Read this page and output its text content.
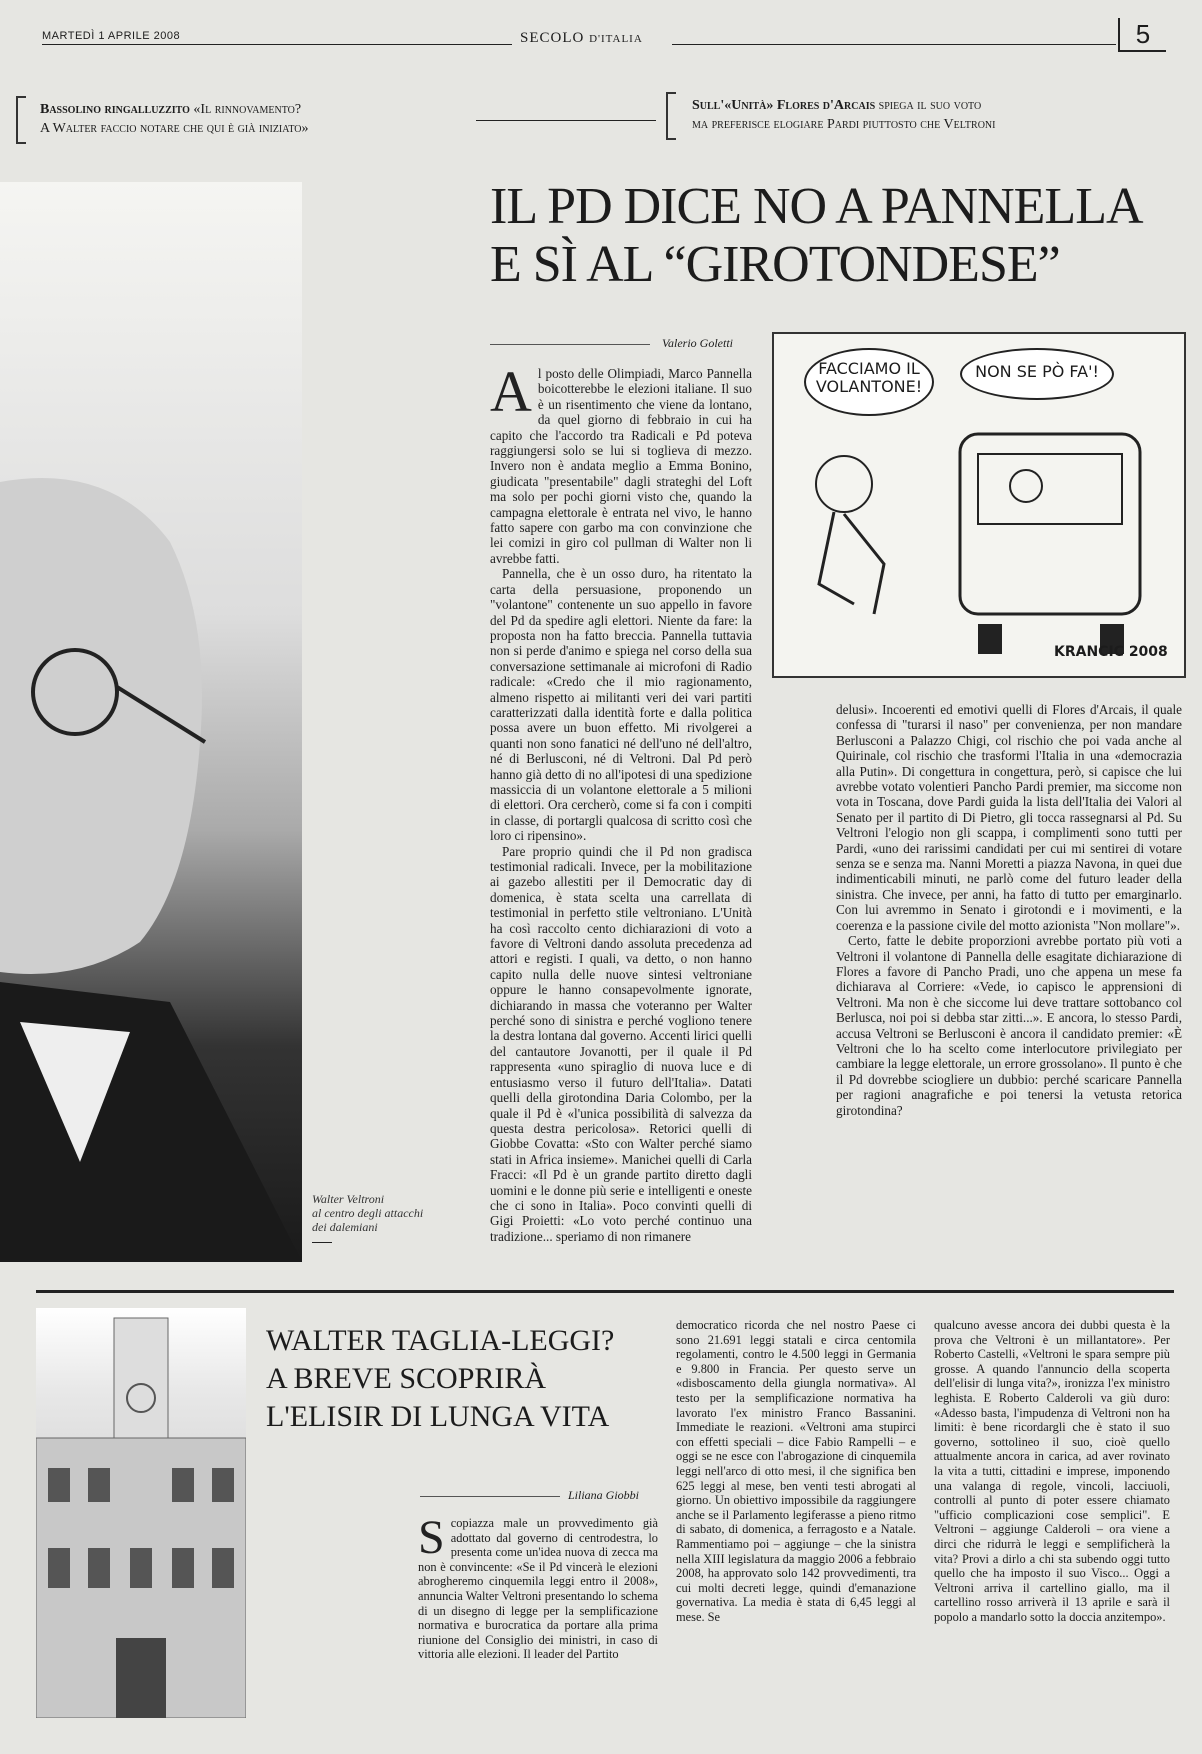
MARTEDÌ 1 APRILE 2008	SECOLO D'ITALIA	5
Bassolino ringalluzzito «Il rinnovamento?
A Walter faccio notare che qui è già iniziato»
Sull'«Unità» Flores d'Arcais spiega il suo voto
ma preferisce elogiare Pardi piuttosto che Veltroni
Walter Veltroni
al centro degli attacchi
dei dalemiani
IL PD DICE NO A PANNELLA
E SÌ AL “GIROTONDESE”
Valerio Goletti
FACCIAMO IL VOLANTONE!
NON SE PÒ FA'!
KRANCIC 2008

Al posto delle Olimpiadi, Marco Pannella boicotterebbe le elezioni italiane. Il suo è un risentimento che viene da lontano, da quel giorno di febbraio in cui ha capito che l'accordo tra Radicali e Pd poteva raggiungersi solo se lui si toglieva di mezzo. Invero non è andata meglio a Emma Bonino, giudicata "presentabile" dagli strateghi del Loft ma solo per pochi giorni visto che, quando la campagna elettorale è entrata nel vivo, le hanno fatto sapere con garbo ma con convinzione che lei comizi in giro col pullman di Walter non li avrebbe fatti.

Pannella, che è un osso duro, ha ritentato la carta della persuasione, proponendo un "volantone" contenente un suo appello in favore del Pd da spedire agli elettori. Niente da fare: la proposta non ha fatto breccia. Pannella tuttavia non si perde d'animo e spiega nel corso della sua conversazione settimanale ai microfoni di Radio radicale: «Credo che il mio ragionamento, almeno rispetto ai militanti veri dei vari partiti caratterizzati dalla identità forte e dalla politica possa avere un buon effetto. Mi rivolgerei a quanti non sono fanatici né dell'uno né dell'altro, né di Berlusconi, né di Veltroni. Dal Pd però hanno già detto di no all'ipotesi di una spedizione massiccia di un volantone elettorale a 5 milioni di elettori. Ora cercherò, come si fa con i compiti in classe, di portargli qualcosa di scritto così che loro ci ripensino».

Pare proprio quindi che il Pd non gradisca testimonial radicali. Invece, per la mobilitazione ai gazebo allestiti per il Democratic day di domenica, è stata scelta una carrellata di testimonial in perfetto stile veltroniano. L'Unità ha così raccolto cento dichiarazioni di voto a favore di Veltroni dando assoluta precedenza ad attori e registi. I quali, va detto, o non hanno capito nulla delle nuove sintesi veltroniane oppure le hanno consapevolmente ignorate, dichiarando in massa che voteranno per Walter perché sono di sinistra e perché vogliono tenere la destra lontana dal governo. Accenti lirici quelli del cantautore Jovanotti, per il quale il Pd rappresenta «uno spiraglio di nuova luce e di entusiasmo verso il futuro dell'Italia». Datati quelli della girotondina Daria Colombo, per la quale il Pd è «l'unica possibilità di salvezza da questa destra pericolosa». Retorici quelli di Giobbe Covatta: «Sto con Walter perché siamo stati in Africa insieme». Manichei quelli di Carla Fracci: «Il Pd è un grande partito diretto dagli uomini e le donne più serie e intelligenti e oneste che ci sono in Italia». Poco convinti quelli di Gigi Proietti: «Lo voto perché continuo una tradizione... speriamo di non rimanere

delusi». Incoerenti ed emotivi quelli di Flores d'Arcais, il quale confessa di "turarsi il naso" per convenienza, per non mandare Berlusconi a Palazzo Chigi, col rischio che poi vada anche al Quirinale, col rischio che trasformi l'Italia in una «democrazia alla Putin». Di congettura in congettura, però, si capisce che lui avrebbe votato volentieri Pancho Pardi premier, ma siccome non vota in Toscana, dove Pardi guida la lista dell'Italia dei Valori al Senato per il partito di Di Pietro, gli tocca rassegnarsi al Pd. Su Veltroni l'elogio non gli scappa, i complimenti sono tutti per Pardi, «uno dei rarissimi candidati per cui mi sentirei di votare senza se e senza ma. Nanni Moretti a piazza Navona, in quei due indimenticabili minuti, ne parlò come del futuro leader della sinistra. Che invece, per anni, ha fatto di tutto per emarginarlo. Con lui avremmo in Senato i girotondi e i movimenti, e la coerenza e la passione civile del motto azionista "Non mollare"».

Certo, fatte le debite proporzioni avrebbe portato più voti a Veltroni il volantone di Pannella delle esagitate dichiarazione di Flores a favore di Pancho Pradi, uno che appena un mese fa dichiarava al Corriere: «Vede, io capisco le apprensioni di Veltroni. Ma non è che siccome lui deve trattare sottobanco col Berlusca, noi poi si debba star zitti...». E ancora, lo stesso Pardi, accusa Veltroni se Berlusconi è ancora il candidato premier: «È Veltroni che lo ha scelto come interlocutore privilegiato per cambiare la legge elettorale, un errore grossolano». Il punto è che il Pd dovrebbe sciogliere un dubbio: perché scaricare Pannella per ragioni anagrafiche e poi tenersi la vetusta retorica girotondina?

WALTER TAGLIA-LEGGI?
A BREVE SCOPRIRÀ
L'ELISIR DI LUNGA VITA
Liliana Giobbi

Scopiazza male un provvedimento già adottato dal governo di centrodestra, lo presenta come un'idea nuova di zecca ma non è convincente: «Se il Pd vincerà le elezioni abrogheremo cinquemila leggi entro il 2008», annuncia Walter Veltroni presentando lo schema di un disegno di legge per la semplificazione normativa e burocratica da portare alla prima riunione del Consiglio dei ministri, in caso di vittoria alle elezioni. Il leader del Partito

democratico ricorda che nel nostro Paese ci sono 21.691 leggi statali e circa centomila regolamenti, contro le 4.500 leggi in Germania e 9.800 in Francia. Per questo serve un «disboscamento della giungla normativa». Al testo per la semplificazione normativa ha lavorato l'ex ministro Franco Bassanini. Immediate le reazioni. «Veltroni ama stupirci con effetti speciali – dice Fabio Rampelli – e oggi se ne esce con l'abrogazione di cinquemila leggi nell'arco di otto mesi, il che significa ben 625 leggi al mese, ben venti testi abrogati al giorno. Un obiettivo impossibile da raggiungere anche se il Parlamento legiferasse a pieno ritmo di sabato, di domenica, a ferragosto e a Natale. Rammentiamo poi – aggiunge – che la sinistra nella XIII legislatura da maggio 2006 a febbraio 2008, ha approvato solo 142 provvedimenti, tra cui molti decreti legge, quindi d'emanazione governativa. La media è stata di 6,45 leggi al mese. Se

qualcuno avesse ancora dei dubbi questa è la prova che Veltroni è un millantatore». Per Roberto Castelli, «Veltroni le spara sempre più grosse. A quando l'annuncio della scoperta dell'elisir di lunga vita?», ironizza l'ex ministro leghista. E Roberto Calderoli va giù duro: «Adesso basta, l'impudenza di Veltroni non ha limiti: è bene ricordargli che è stato il suo governo, sottolineo il suo, cioè quello attualmente ancora in carica, ad aver rovinato la vita a tutti, cittadini e imprese, imponendo una valanga di regole, vincoli, lacciuoli, controlli al punto di poter essere chiamato "ufficio complicazioni cose semplici". E Veltroni – aggiunge Calderoli – ora viene a dirci che ridurrà le leggi e semplificherà la vita? Provi a dirlo a chi sta subendo oggi tutto quello che ha imposto il suo Visco... Oggi a Veltroni arriva il cartellino giallo, ma il cartellino rosso arriverà il 13 aprile e sarà il popolo a mandarlo sotto la doccia anzitempo».
